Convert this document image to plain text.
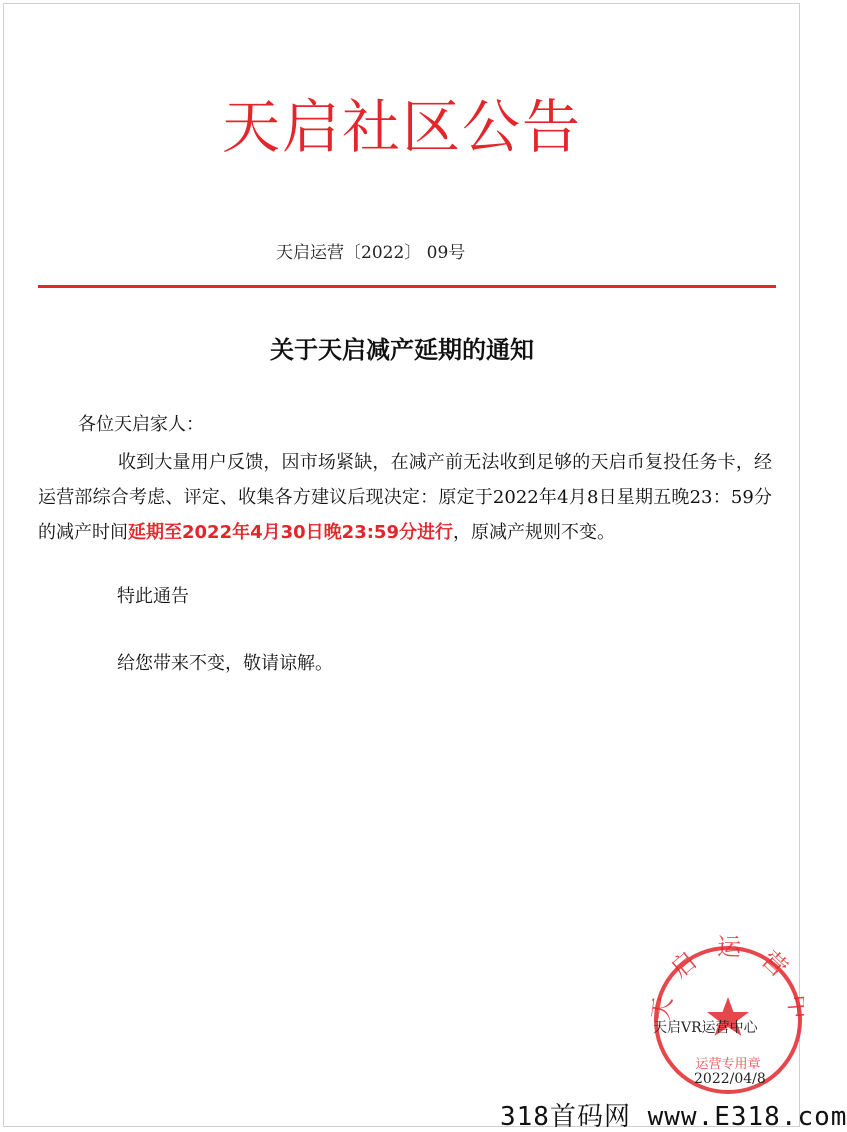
天启社区公告
天启运营〔2022〕 09号
关于天启减产延期的通知
各位天启家人：
收到大量用户反馈，因市场紧缺，在减产前无法收到足够的天启币复投任务卡，经运营部综合考虑、评定、收集各方建议后现决定：原定于2022年4月8日星期五晚23：59分的减产时间延期至2022年4月30日晚23:59分进行，原减产规则不变。
特此通告
给您带来不变，敬请谅解。
天 启 运 营
运营专用章
天启VR运营中心
2022/04/8
318首码网 www.E318.com
